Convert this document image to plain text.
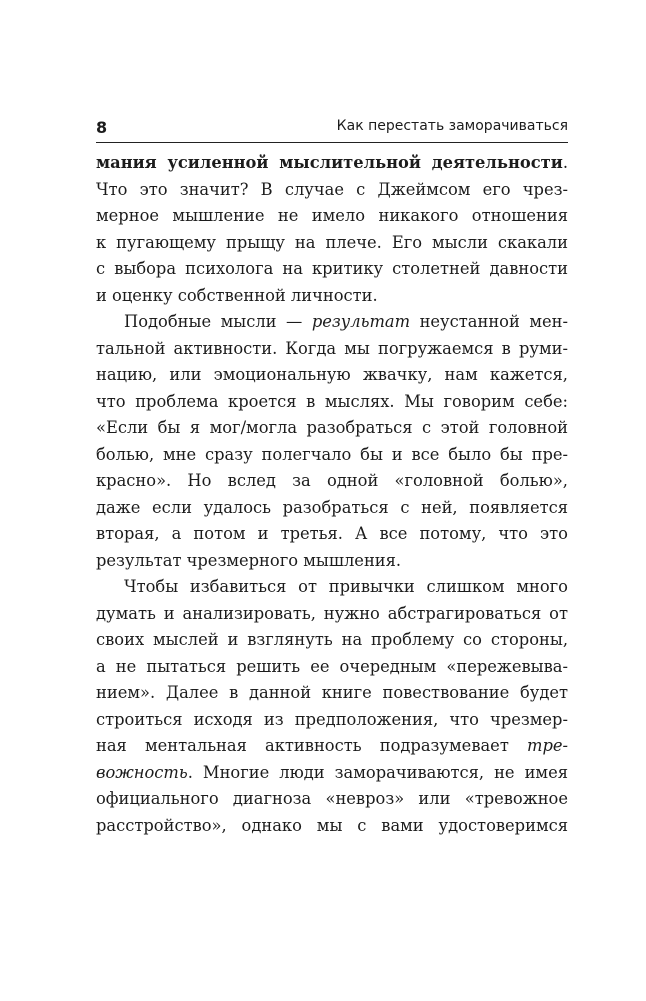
8	Как перестать заморачиваться
мания усиленной мыслительной деятельности.
Что это значит? В случае с Джеймсом его чрез-
мерное мышление не имело никакого отношения
к пугающему прыщу на плече. Его мысли скакали
с выбора психолога на критику столетней давности
и оценку собственной личности.
Подобные мысли — результат неустанной мен-
тальной активности. Когда мы погружаемся в руми-
нацию, или эмоциональную жвачку, нам кажется,
что проблема кроется в мыслях. Мы говорим себе:
«Если бы я мог/могла разобраться с этой головной
болью, мне сразу полегчало бы и все было бы пре-
красно». Но вслед за одной «головной болью»,
даже если удалось разобраться с ней, появляется
вторая, а потом и третья. А все потому, что это
результат чрезмерного мышления.
Чтобы избавиться от привычки слишком много
думать и анализировать, нужно абстрагироваться от
своих мыслей и взглянуть на проблему со стороны,
а не пытаться решить ее очередным «пережевыва-
нием». Далее в данной книге повествование будет
строиться исходя из предположения, что чрезмер-
ная ментальная активность подразумевает тре-
вожность. Многие люди заморачиваются, не имея
официального диагноза «невроз» или «тревожное
расстройство», однако мы с вами удостоверимся
